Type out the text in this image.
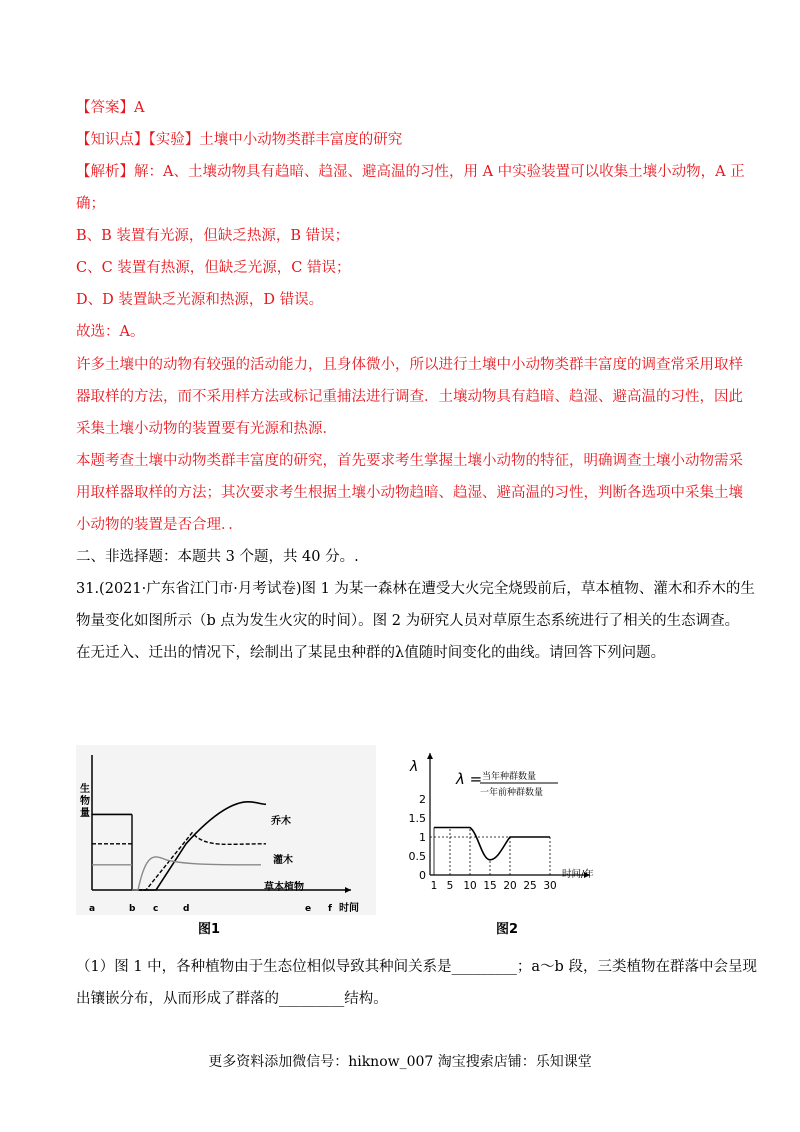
【答案】A
【知识点】【实验】土壤中小动物类群丰富度的研究
【解析】解：A、土壤动物具有趋暗、趋湿、避高温的习性，用 A 中实验装置可以收集土壤小动物，A 正
确；
B、B 装置有光源，但缺乏热源，B 错误；
C、C 装置有热源，但缺乏光源，C 错误；
D、D 装置缺乏光源和热源，D 错误。
故选：A。
许多土壤中的动物有较强的活动能力，且身体微小，所以进行土壤中小动物类群丰富度的调查常采用取样
器取样的方法，而不采用样方法或标记重捕法进行调查．土壤动物具有趋暗、趋湿、避高温的习性，因此
采集土壤小动物的装置要有光源和热源．
本题考查土壤中动物类群丰富度的研究，首先要求考生掌握土壤小动物的特征，明确调查土壤小动物需采
用取样器取样的方法；其次要求考生根据土壤小动物趋暗、趋湿、避高温的习性，判断各选项中采集土壤
小动物的装置是否合理．．
二、非选择题：本题共 3 个题，共 40 分。.
31.(2021·广东省江门市·月考试卷)图 1 为某一森林在遭受大火完全烧毁前后，草本植物、灌木和乔木的生
物量变化如图所示（b 点为发生火灾的时间）。图 2 为研究人员对草原生态系统进行了相关的生态调查。
在无迁入、迁出的情况下，绘制出了某昆虫种群的λ值随时间变化的曲线。请回答下列问题。
a	b c	d	e f
生
物
量
时间
乔木
灌木
草本植物
图1
2
1.5
1
0.5
0
1 5 10 15 20 25 30
λ
λ = 当年种群数量
一年前种群数量
时间/年
图2
（1）图 1 中，各种植物由于生态位相似导致其种间关系是_________；a～b 段，三类植物在群落中会呈现
出镶嵌分布，从而形成了群落的_________结构。
更多资料添加微信号：hiknow_007 淘宝搜索店铺：乐知课堂
